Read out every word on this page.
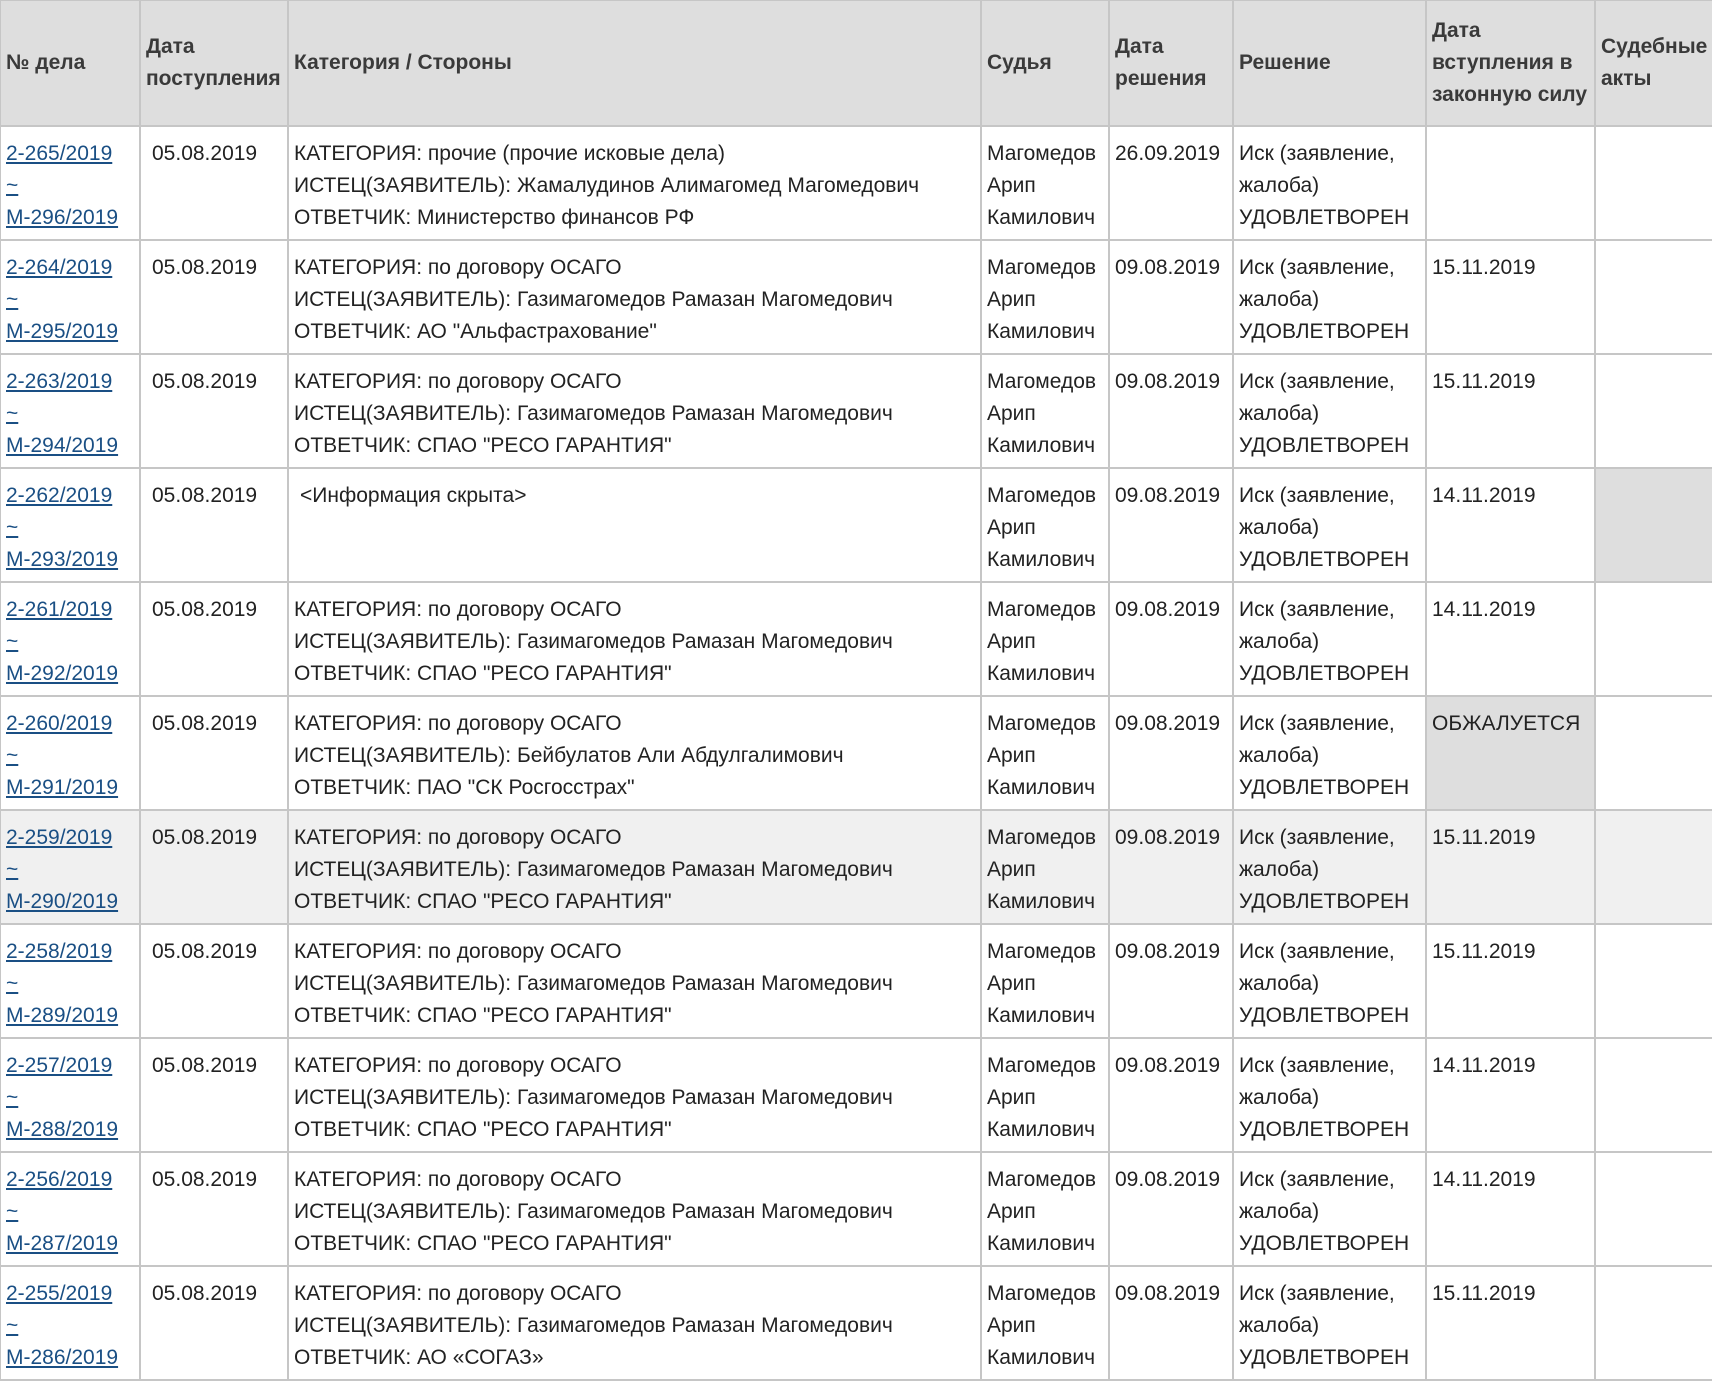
№ дела	Дата поступления	Категория / Стороны	Судья	Дата решения	Решение	Дата вступления в законную силу	Судебные акты

2-265/2019
~
М-296/2019	05.08.2019	КАТЕГОРИЯ: прочие (прочие исковые дела)
ИСТЕЦ(ЗАЯВИТЕЛЬ): Жамалудинов Алимагомед Магомедович
ОТВЕТЧИК: Министерство финансов РФ	Магомедов
Арип
Камилович	26.09.2019	Иск (заявление,
жалоба)
УДОВЛЕТВОРЕН		

2-264/2019
~
М-295/2019	05.08.2019	КАТЕГОРИЯ: по договору ОСАГО
ИСТЕЦ(ЗАЯВИТЕЛЬ): Газимагомедов Рамазан Магомедович
ОТВЕТЧИК: АО "Альфастрахование"	Магомедов
Арип
Камилович	09.08.2019	Иск (заявление,
жалоба)
УДОВЛЕТВОРЕН	15.11.2019	

2-263/2019
~
М-294/2019	05.08.2019	КАТЕГОРИЯ: по договору ОСАГО
ИСТЕЦ(ЗАЯВИТЕЛЬ): Газимагомедов Рамазан Магомедович
ОТВЕТЧИК: СПАО "РЕСО ГАРАНТИЯ"	Магомедов
Арип
Камилович	09.08.2019	Иск (заявление,
жалоба)
УДОВЛЕТВОРЕН	15.11.2019	

2-262/2019
~
М-293/2019	05.08.2019	<Информация скрыта>	Магомедов
Арип
Камилович	09.08.2019	Иск (заявление,
жалоба)
УДОВЛЕТВОРЕН	14.11.2019	

2-261/2019
~
М-292/2019	05.08.2019	КАТЕГОРИЯ: по договору ОСАГО
ИСТЕЦ(ЗАЯВИТЕЛЬ): Газимагомедов Рамазан Магомедович
ОТВЕТЧИК: СПАО "РЕСО ГАРАНТИЯ"	Магомедов
Арип
Камилович	09.08.2019	Иск (заявление,
жалоба)
УДОВЛЕТВОРЕН	14.11.2019	

2-260/2019
~
М-291/2019	05.08.2019	КАТЕГОРИЯ: по договору ОСАГО
ИСТЕЦ(ЗАЯВИТЕЛЬ): Бейбулатов Али Абдулгалимович
ОТВЕТЧИК: ПАО "СК Росгосстрах"	Магомедов
Арип
Камилович	09.08.2019	Иск (заявление,
жалоба)
УДОВЛЕТВОРЕН	ОБЖАЛУЕТСЯ	

2-259/2019
~
М-290/2019	05.08.2019	КАТЕГОРИЯ: по договору ОСАГО
ИСТЕЦ(ЗАЯВИТЕЛЬ): Газимагомедов Рамазан Магомедович
ОТВЕТЧИК: СПАО "РЕСО ГАРАНТИЯ"	Магомедов
Арип
Камилович	09.08.2019	Иск (заявление,
жалоба)
УДОВЛЕТВОРЕН	15.11.2019	

2-258/2019
~
М-289/2019	05.08.2019	КАТЕГОРИЯ: по договору ОСАГО
ИСТЕЦ(ЗАЯВИТЕЛЬ): Газимагомедов Рамазан Магомедович
ОТВЕТЧИК: СПАО "РЕСО ГАРАНТИЯ"	Магомедов
Арип
Камилович	09.08.2019	Иск (заявление,
жалоба)
УДОВЛЕТВОРЕН	15.11.2019	

2-257/2019
~
М-288/2019	05.08.2019	КАТЕГОРИЯ: по договору ОСАГО
ИСТЕЦ(ЗАЯВИТЕЛЬ): Газимагомедов Рамазан Магомедович
ОТВЕТЧИК: СПАО "РЕСО ГАРАНТИЯ"	Магомедов
Арип
Камилович	09.08.2019	Иск (заявление,
жалоба)
УДОВЛЕТВОРЕН	14.11.2019	

2-256/2019
~
М-287/2019	05.08.2019	КАТЕГОРИЯ: по договору ОСАГО
ИСТЕЦ(ЗАЯВИТЕЛЬ): Газимагомедов Рамазан Магомедович
ОТВЕТЧИК: СПАО "РЕСО ГАРАНТИЯ"	Магомедов
Арип
Камилович	09.08.2019	Иск (заявление,
жалоба)
УДОВЛЕТВОРЕН	14.11.2019	

2-255/2019
~
М-286/2019	05.08.2019	КАТЕГОРИЯ: по договору ОСАГО
ИСТЕЦ(ЗАЯВИТЕЛЬ): Газимагомедов Рамазан Магомедович
ОТВЕТЧИК: АО «СОГАЗ»	Магомедов
Арип
Камилович	09.08.2019	Иск (заявление,
жалоба)
УДОВЛЕТВОРЕН	15.11.2019	
